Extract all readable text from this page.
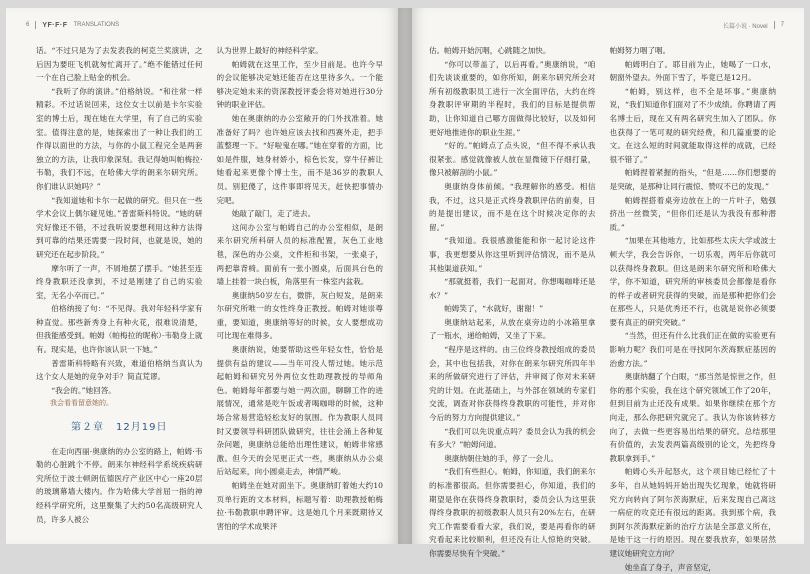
6 YF·F·F TRANSLATIONS

话。“不过只是为了去发表我的柯克兰奖演讲，之后因为要旺飞机就匆忙离开了。”绝不能错过任何一个在自己脸上贴金的机会。

“我听了你的演讲。”伯格纳说。“和往常一样精彩。不过话说回来，这位女士以前是卡尔实验室的博士后，现在她在大学里，有了自己的实验室。值得注意的是，她探索出了一种让我们的工作得以面世的方法，与你的小鼠工程完全是两套独立的方法，让我印象深刻。我记得她叫帕梅拉·韦勒，我们不远，在哈佛大学的朗来尔研究所。你们谁认识她吗？”

“我知道她和卡尔一起做的研究。但只在一些学术会议上偶尔碰见她。”普雷斯科特说。“她的研究好像还不错，不过我听说要想利用这种方法得到可靠的结果还需要一段时间，也就是说，她的研究还在起步阶段。”

摩尔听了一声，不屑地摆了摆手。“她甚至连终身教职还没拿到，不过是刚建了自己的实验室，无名小卒而已。”

伯格纳接了句：“不见得。我对年轻科学家有种直觉。那些新秀身上有种火花，很难说清楚，但我能感受到。帕姆（帕梅拉的昵称）·韦勒身上就有。现实是，也许你该认识一下她。”

普雷斯科特略有兴致，难道伯格纳当真认为这个女人是她的竞争对手？简直荒谬。

“我会的。”她回答。

我会看看留意她的。

第２章 12月19日

在走向西丽·奥康纳的办公室的路上，帕姆·韦勒的心脏跳个不停。朗来尔神经科学系统疾病研究所位于波士顿朗伍德医疗产业区中心一座20层的玻璃幕墙大楼内。作为哈佛大学首屈一指的神经科学研究所，这里聚集了大约50名高级研究人员，许多人被公

认为世界上最好的神经科学家。

帕姆就在这里工作，至少目前是。也许今早的会议能够决定她还能否在这里待多久。一个能够决定她未来的资深教授评委会将对她进行30分钟的职业评估。

她在奥康纳的办公室敞开的门外找准着。她准备好了吗？也许她应该去找和西赛外走，把手蓝整理一下。“好啦鬼在哪。”她在穿着的方面，比如是件服，她身材娇小，棕色长发，穿牛仔裤让她看起来更像个博士生，而不是36岁的教职人员。别犯傻了，这件事即将见天，赶快把事情办完吧。

她敲了敲门，走了进去。

这间办公室与帕姆自己的办公室相似，是朗来尔研究所科研人员的标准配置，灰色工业地毯，深色的办公桌，文件柜和书架，一张桌子，两把靠背椅。面前有一张小圆桌，后面具台色的墙上挂着一块白板，角落里有一株室内盆栽。

奥康纳50岁左右，微胖，灰白短发，是朗来尔研究所唯一的女性终身正教授。帕姆对她崇尊重，要知道，奥康纳等好的时候，女人要想成功可比现在难得多。

奥康纳说，她要帮助这些年轻女性，恰恰是提供有益的建议——当年可没人帮过她。她示范起帕姆和研究另外两位女性助理教授的导师角色。帕姆每年都要与她一两次面，聊聊工作的进展情况，通常是吃午饭或者喝咖啡的时候，这种场合常易营造轻松友好的氛围。作为教职人员同时又要领导科研团队做研究，往往会涌上各种复杂问题，奥康纳总能给出理性建议，帕姆非常感激。但今天的会见更正式一些，奥康纳从办公桌后站起来，向小圆桌走去，神情严峻。

帕姆坐在她对面坐下。奥康纳盯着她大约10页单行距的文本材料，标题写着：助理教授帕梅拉·韦勒教职申聘评审。这是她几个月来既期待又害怕的学术成果评

长篇小说 · Novel 7

估。帕姆开始沉咽，心跳随之加快。

“你可以带盖了，以后再看。”奥康纳说，“咱们先谈谈重要的，如你所知，朗来尔研究所会对所有初级教职员工进行一次全面评估，大约在终身教职评审期的半程时，我们的目标是提供帮助，让你知道自己哪方面做得比较好，以及如何更好地推进你的职业生涯。”

“好的。”帕姆点了点头说，“但不得不承认我很紧张。感觉就像被人放在显微镜下仔细打量，像只被解剖的小鼠。”

奥康纳身体前倾。“我理解你的感受。相信我，不过，这只是正式终身教职评估的前奏，目的是提出建议，而不是在这个时候决定你的去留。”

“我知道。我很感激能能和你一起讨论这件事，我更想要从你这里听到评估情况，而不是从其他渠道获知。”

“那就挺着，我们一起面对。你想喝咖啡还是水？”

帕姆笑了，“水就好，谢谢！”

奥康纳站起来，从放在桌旁边的小冰箱里拿了一瓶水，递给帕姆，又坐了下来。

“程序是这样的。由三位终身教授组成的委员会，其中也包括我，对你在朗来尔研究所四年半来的所做研究进行了评估，并审阅了你对未来研究的计划。在此基础上，与外部在领域的专家们交流，调查对你获得终身教职的可能性，并对你今后的努力方向提供建议。”

“我们可以先说重点吗？委员会认为我的机会有多大？”帕姆问道。

奥康纳朝住她的手，停了一会儿。

“我们有些担心。帕姆，你知道，我们朗来尔的标准都很高。但你需要担心，你知道，我们的期望是你在获得终身教职时，委员会认为这里获得终身教职的初级教职人员只有20%左右，在研究工作需要看看大家，我们说，要是再看你的研究看起来比较顺利，但还没有让人惊艳的突破。你需要尽快有个突破。”

帕姆努力咽了咽。

帕姆明白了。耶目前为止，她喝了一口水，朝窗外望去。外面下雪了，毕竟已是12月。

“帕姆，别这样，也不全是坏事。”奥康纳说，“我们知道你们面对了不少成绩。你聘请了两名博士后，现在又有两名研究生加入了团队。你也获得了一笔可观的研究经费，和几篇重要的论文。在这么短的时间就能取得这样的成就，已经很不错了。”

帕姆捏着紧握的指头，“但是……你们想要的是突破，是那种让同行震惊、赞叹不已的发现。”

帕姆捏搭着桌旁边放在上的一片叶子，勉强挤出一丝微笑，“但你们还是认为我没有那种潜质。”

“加果在其他地方，比如那些太庆大学或波士顿大学，我会告诉你，一切乐观，两年后你就可以获得终身教职。但这是朗来尔研究所和哈佛大学，你不知道，研究所的审核委员会都像是看你的样子或者研究获得的突破，而是那种把你们会在那些人，只是优秀还不行，也就是说你必须要要有真正的研究突破。”

“当然，但还有什么比我们正在做的实验更有影响力呢？我们可是在寻找阿尔茨海默症基因的治愈方法。”

奥康纳翻了个白眼，“那当然是惊世之作，但你的那个实验，我在这个研究领域工作了20年，但到目前为止还没有成果。如果你继续在那个方向走，那么你把研究就完了。我认为你该转移方向了，去做一些更容易出结果的研究。总结那里有价值的，去发表两篇高级别的论文，先把终身教职拿到手。”

帕姆心头升起怒火，这个项目她已经忙了十多年，自从她妈妈开始出现失忆现象，她就将研究方向转向了阿尔茨海默症，后来发现自己离这一病症的攻克还有很远的距离。我到那个病，我到阿尔茨海默症新的治疗方法是全部意义所在，是她干这一行的原因。现在要我放弃，如果居然建议她研究立方向？

她坐直了身子，声音坚定，
